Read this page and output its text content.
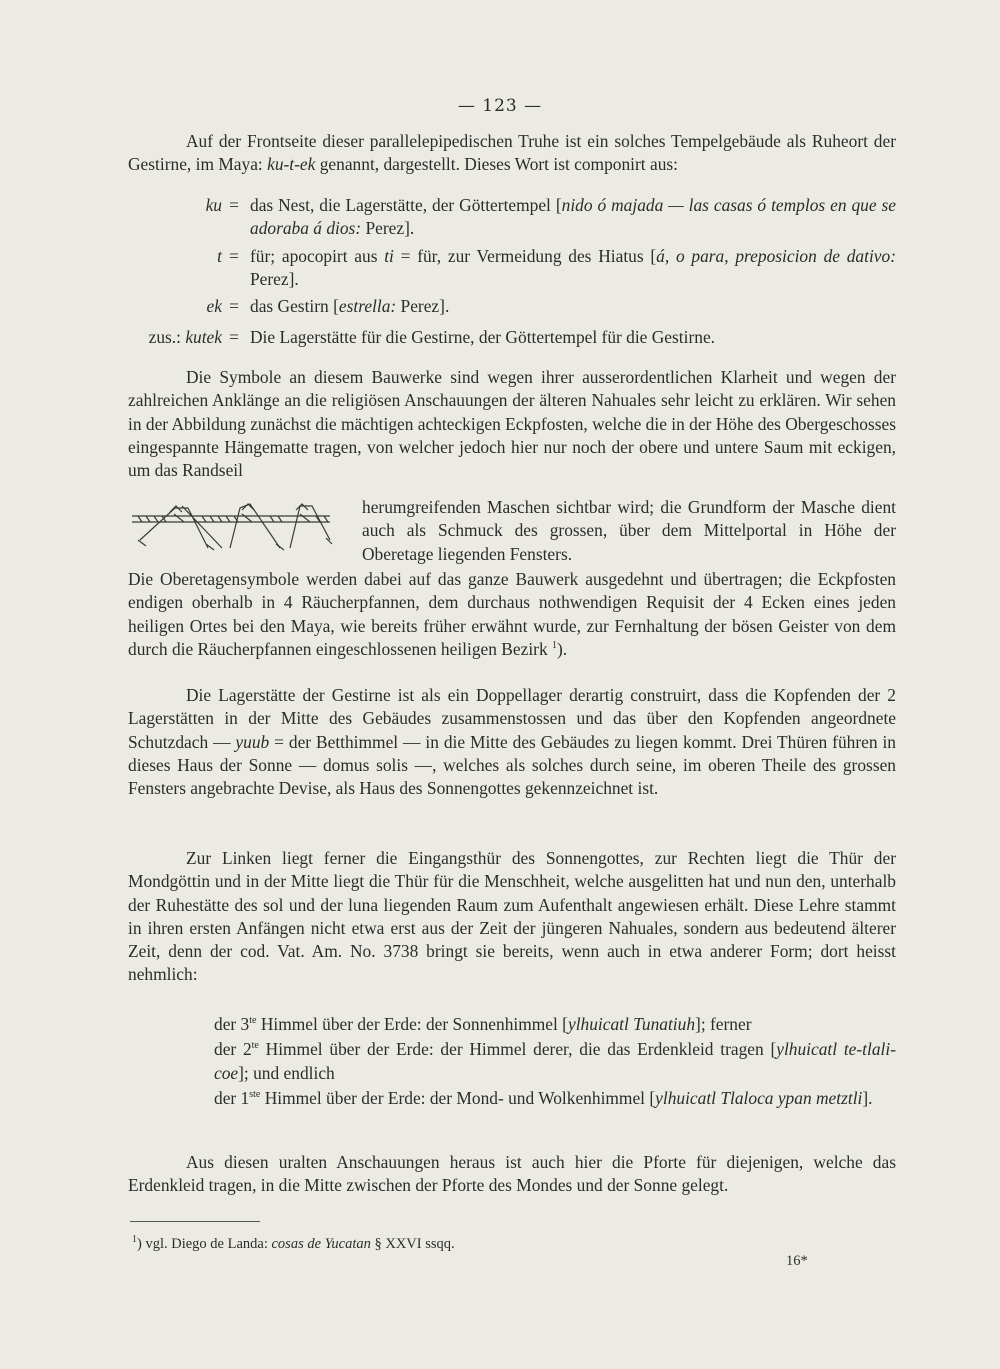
— 123 —

Auf der Frontseite dieser parallelepipedischen Truhe ist ein solches Tempelgebäude als Ruheort der Gestirne, im Maya: ku-t-ek genannt, dargestellt. Dieses Wort ist componirt aus:

ku = das Nest, die Lagerstätte, der Göttertempel [nido ó majada — las casas ó templos en que se adoraba á dios: Perez].
t = für; apocopirt aus ti = für, zur Vermeidung des Hiatus [á, o para, preposicion de dativo: Perez].
ek = das Gestirn [estrella: Perez].
zus.: kutek = Die Lagerstätte für die Gestirne, der Göttertempel für die Gestirne.

Die Symbole an diesem Bauwerke sind wegen ihrer ausserordentlichen Klarheit und wegen der zahlreichen Anklänge an die religiösen Anschauungen der älteren Nahuales sehr leicht zu erklären. Wir sehen in der Abbildung zunächst die mächtigen achteckigen Eckpfosten, welche die in der Höhe des Obergeschosses eingespannte Hängematte tragen, von welcher jedoch hier nur noch der obere und untere Saum mit eckigen, um das Randseil

herumgreifenden Maschen sichtbar wird; die Grundform der Masche dient auch als Schmuck des grossen, über dem Mittelportal in Höhe der Oberetage liegenden Fensters.

Die Oberetagensymbole werden dabei auf das ganze Bauwerk ausgedehnt und übertragen; die Eckpfosten endigen oberhalb in 4 Räucherpfannen, dem durchaus nothwendigen Requisit der 4 Ecken eines jeden heiligen Ortes bei den Maya, wie bereits früher erwähnt wurde, zur Fernhaltung der bösen Geister von dem durch die Räucherpfannen eingeschlossenen heiligen Bezirk $^1$).

Die Lagerstätte der Gestirne ist als ein Doppellager derartig construirt, dass die Kopfenden der 2 Lagerstätten in der Mitte des Gebäudes zusammenstossen und das über den Kopfenden angeordnete Schutzdach — yuub = der Betthimmel — in die Mitte des Gebäudes zu liegen kommt. Drei Thüren führen in dieses Haus der Sonne — domus solis —, welches als solches durch seine, im oberen Theile des grossen Fensters angebrachte Devise, als Haus des Sonnengottes gekennzeichnet ist.

Zur Linken liegt ferner die Eingangsthür des Sonnengottes, zur Rechten liegt die Thür der Mondgöttin und in der Mitte liegt die Thür für die Menschheit, welche ausgelitten hat und nun den, unterhalb der Ruhestätte des sol und der luna liegenden Raum zum Aufenthalt angewiesen erhält. Diese Lehre stammt in ihren ersten Anfängen nicht etwa erst aus der Zeit der jüngeren Nahuales, sondern aus bedeutend älterer Zeit, denn der cod. Vat. Am. No. 3738 bringt sie bereits, wenn auch in etwa anderer Form; dort heisst nehmlich:

der $3^{te}$ Himmel über der Erde: der Sonnenhimmel [ylhuicatl Tunatiuh]; ferner
der $2^{te}$ Himmel über der Erde: der Himmel derer, die das Erdenkleid tragen [ylhuicatl te-tlali-coe]; und endlich
der 1ste Himmel über der Erde: der Mond- und Wolkenhimmel [ylhuicatl Tlaloca ypan metztli].

Aus diesen uralten Anschauungen heraus ist auch hier die Pforte für diejenigen, welche das Erdenkleid tragen, in die Mitte zwischen der Pforte des Mondes und der Sonne gelegt.

$^1$) vgl. Diego de Landa: cosas de Yucatan § XXVI ssqq.
16*
